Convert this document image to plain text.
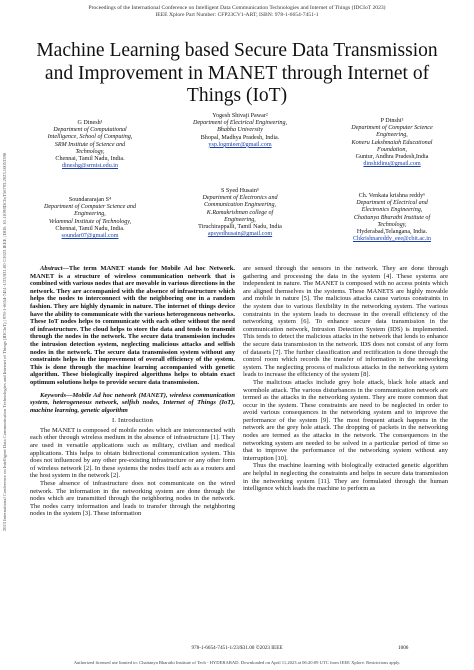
Proceedings of the International Conference on Intelligent Data Communication Technologies and Internet of Things (IDCIoT 2023)
IEEE Xplore Part Number: CFP23CV1-ART; ISBN: 978-1-6654-7451-1
2023 International Conference on Intelligent Data Communication Technologies and Internet of Things (IDCIoT) | 978-1-6654-7451-1/23/$31.00 ©2023 IEEE | DOI: 10.1109/IDCIoT56793.2023.10053398
Machine Learning based Secure Data Transmission and Improvement in MANET through Internet of Things (IoT)
G Dinesh¹
Department of Computational
Intelligence, School of Computing,
SRM Institute of Science and
Technology,
Chennai, Tamil Nadu, India.
dineshg@srmist.edu.in
Yogesh Shivaji Pawar²
Department of Electrical Engineering,
Bhabha University
Bhopal, Madhya Pradesh, India.
ysp.logmieer@gmail.com
P Dinshi³
Department of Computer Science
Engineering,
Koneru Lakshmaiah Educational
Foundation,
Guntur, Andhra Pradesh,India
dinshidinu@gmail.com
Soundararajan S⁴
Department of Computer Science and
Engineering,
Velammal Institute of Technology,
Chennai, Tamil Nadu, India.
soundar07@gmail.com
S Syed Husain⁵
Department of Electronics and
Communication Engineering,
K.Ramakrishnan college of
Engineering,
Tiruchirappalli, Tamil Nadu, India
apsyedhusain@gmail.com
Ch. Venkata krishna reddy⁶
Department of Electrical and
Electronics Engineering,
Chaitanya Bharathi Institute of
Technology,
Hyderabad,Telangana, India.
Chkrishnareddy_eee@cbit.ac.in

Abstract—The term MANET stands for Mobile Ad hoc Network. MANET is a structure of wireless communication network that is combined with various nodes that are movable in various directions in the network. They are accompanied with the absence of infrastructure which helps the nodes to interconnect with the neighboring one in a random fashion. They are highly dynamic in nature. The internet of things device have the ability to communicate with the various heterogeneous networks. These IoT nodes helps to communicate with each other without the need of infrastructure. The cloud helps to store the data and tends to transmit through the nodes in the network. The secure data transmission includes the intrusion detection system, neglecting malicious attacks and selfish nodes in the network. The secure data transmission system without any constraints helps in the improvement of overall efficiency of the system. This is done through the machine learning accompanied with genetic algorithm. These biologically inspired algorithms helps to obtain exact optimum solutions helps to provide secure data transmission.

Keywords—Mobile Ad hoc network (MANET), wireless communication system, heterogeneous network, selfish nodes, Internet of Things (IoT), machine learning, genetic algorithm

I. Introduction

The MANET is composed of mobile nodes which are interconnected with each other through wireless medium in the absence of infrastructure [1]. They are used in versatile applications such as military, civilian and medical applications. This helps to obtain bidirectional communication system. This does not influenced by any other pre-existing infrastructure or any other form of wireless network [2]. In these systems the nodes itself acts as a routers and the host system in the network [2].

These absence of infrastructure does not communicate on the wired network. The information in the networking system are done through the nodes which are transmitted through the neighboring nodes in the network. The nodes carry information and leads to transfer through the neighboring nodes in the system [3]. These information

are sensed through the sensors in the network. They are done through gathering and processing the data in the system [4]. These systems are independent in nature. The MANET is composed with no access points which are aligned themselves in the systems. These MANETS are highly movable and mobile in nature [5]. The malicious attacks cause various constraints in the system due to various flexibility in the networking system. The various constraints in the system leads to decrease in the overall efficiency of the networking system [6]. To enhance secure data transmission in the communication network, Intrusion Detection System (IDS) is implemented. This tends to detect the malicious attacks in the network that lends to enhance the secure data transmission in the network. IDS does not consist of any form of datasets [7]. The further classification and rectification is done through the control room which records the transfer of information in the networking system. The neglecting process of malicious attacks in the networking system leads to increase the efficiency of the system [8].

The malicious attacks include grey hole attack, black hole attack and wormhole attack. The various disturbances in the communication network are termed as the attacks in the networking system. They are more common that occur in the system. These constraints are need to be neglected in order to avoid various consequences in the networking system and to improve the performance of the system [9]. The most frequent attack happens in the network are the grey hole attack. The dropping of packets in the networking nodes are termed as the attacks in the network. The consequences in the networking system are needed to be solved in a particular period of time so that to improve the performance of the networking system without any interruption [10].

Thus the machine learning with biologically extracted genetic algorithm are helpful in neglecting the constraints and helps in secure data transmission in the networking system [11]. They are formulated through the human intelligence which leads the machine to perform as

978-1-6654-7451-1/23/$31.00 ©2023 IEEE	1006
Authorized licensed use limited to: Chaitanya Bharathi Institute of Tech - HYDERABAD. Downloaded on April 11,2023 at 06:20:09 UTC from IEEE Xplore. Restrictions apply.
